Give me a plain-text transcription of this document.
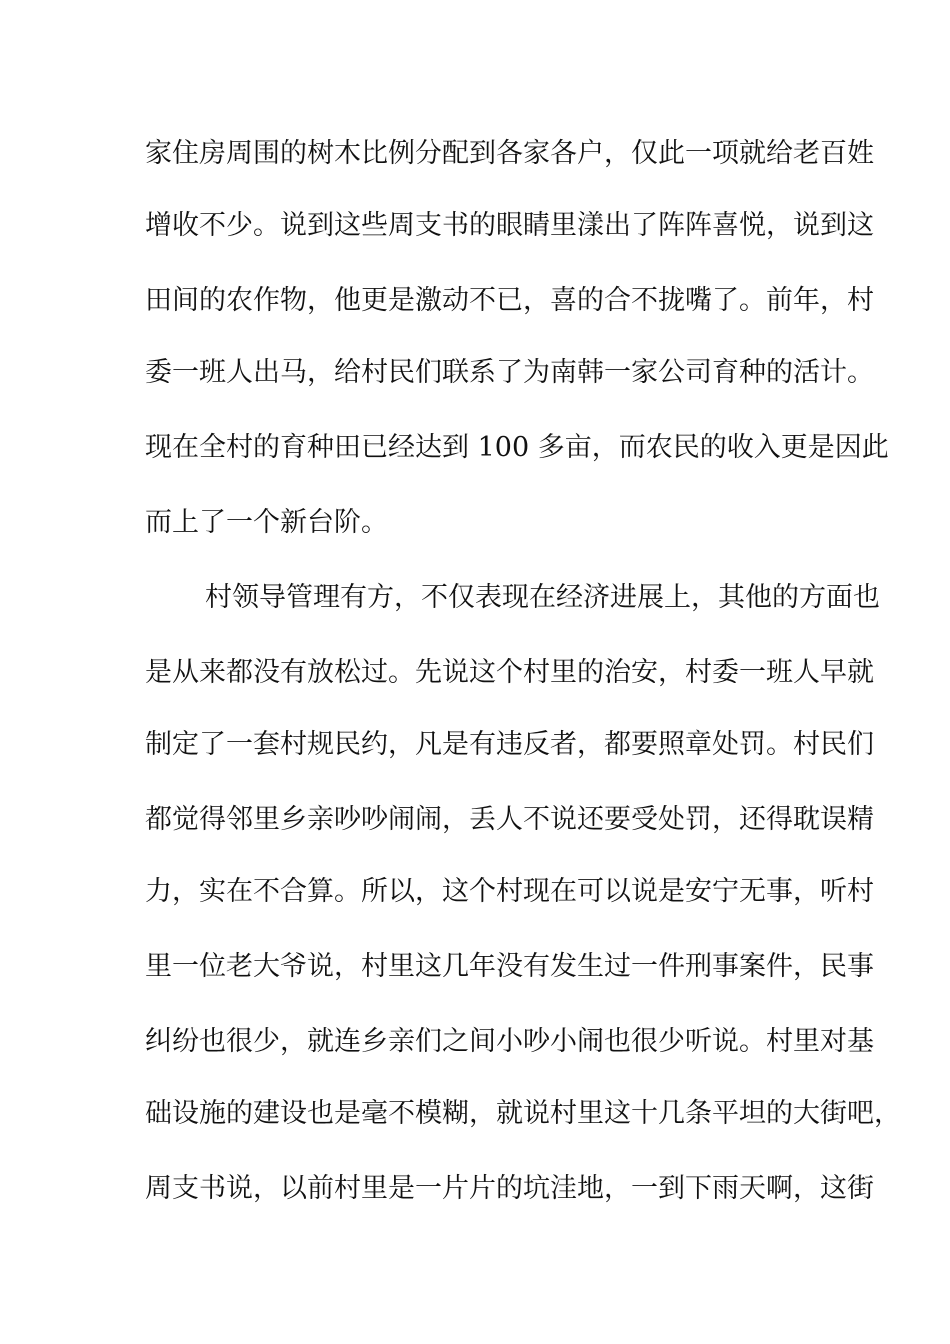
家住房周围的树木比例分配到各家各户，仅此一项就给老百姓
增收不少。说到这些周支书的眼睛里漾出了阵阵喜悦，说到这
田间的农作物，他更是激动不已，喜的合不拢嘴了。前年，村
委一班人出马，给村民们联系了为南韩一家公司育种的活计。
现在全村的育种田已经达到 100 多亩，而农民的收入更是因此
而上了一个新台阶。
村领导管理有方，不仅表现在经济进展上，其他的方面也
是从来都没有放松过。先说这个村里的治安，村委一班人早就
制定了一套村规民约，凡是有违反者，都要照章处罚。村民们
都觉得邻里乡亲吵吵闹闹，丢人不说还要受处罚，还得耽误精
力，实在不合算。所以，这个村现在可以说是安宁无事，听村
里一位老大爷说，村里这几年没有发生过一件刑事案件，民事
纠纷也很少，就连乡亲们之间小吵小闹也很少听说。村里对基
础设施的建设也是毫不模糊，就说村里这十几条平坦的大街吧，
周支书说，以前村里是一片片的坑洼地，一到下雨天啊，这街
